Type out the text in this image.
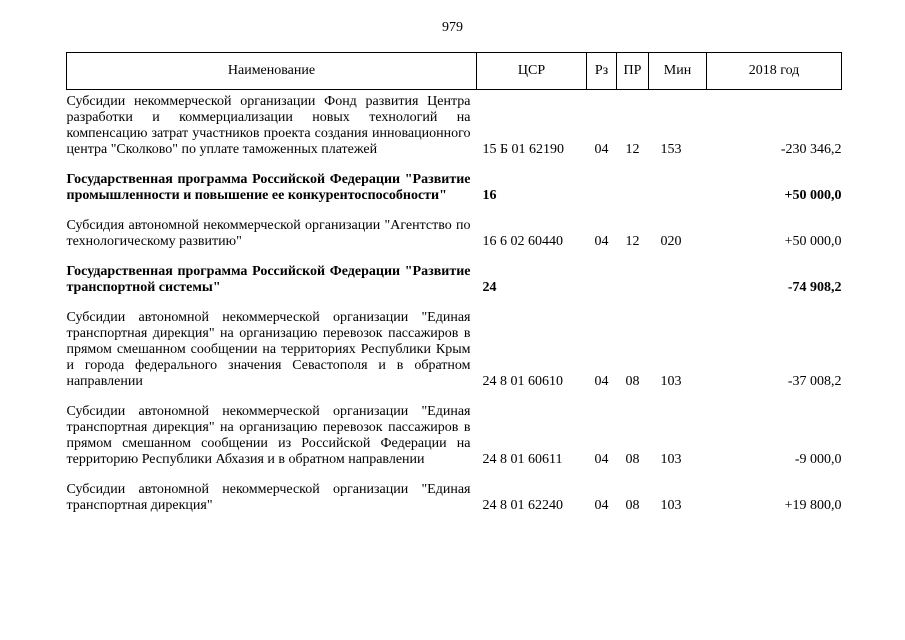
979
Наименование	ЦСР	Рз	ПР	Мин	2018 год

Субсидии некоммерческой организации Фонд развития Центра разработки и коммерциализации новых технологий на компенсацию затрат участников проекта создания инновационного центра "Сколково" по уплате таможенных платежей	15 Б 01 62190	04	12	153	-230 346,2

Государственная программа Российской Федерации "Развитие промышленности и повышение ее конкурентоспособности"	16				+50 000,0

Субсидия автономной некоммерческой организации "Агентство по технологическому развитию"	16 6 02 60440	04	12	020	+50 000,0

Государственная программа Российской Федерации "Развитие транспортной системы"	24				-74 908,2

Субсидии автономной некоммерческой организации "Единая транспортная дирекция" на организацию перевозок пассажиров в прямом смешанном сообщении на территориях Республики Крым и города федерального значения Севастополя и в обратном направлении	24 8 01 60610	04	08	103	-37 008,2

Субсидии автономной некоммерческой организации "Единая транспортная дирекция" на организацию перевозок пассажиров в прямом смешанном сообщении из Российской Федерации на территорию Республики Абхазия и в обратном направлении	24 8 01 60611	04	08	103	-9 000,0

Субсидии автономной некоммерческой организации "Единая транспортная дирекция"	24 8 01 62240	04	08	103	+19 800,0
